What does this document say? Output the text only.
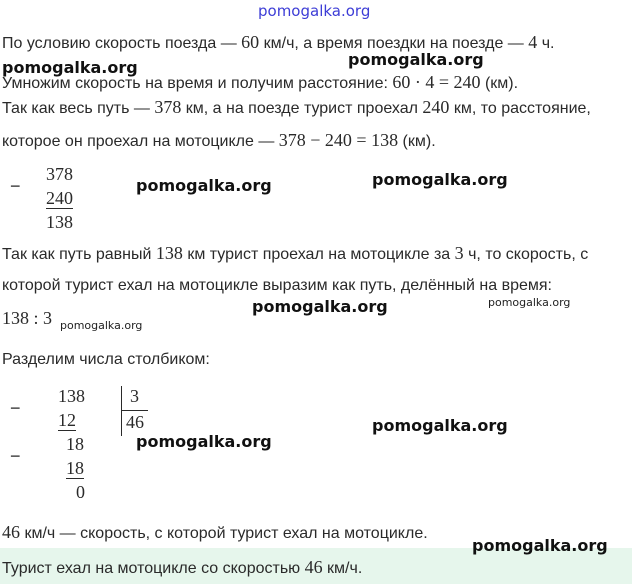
pomogalka.org
pomogalka.org
pomogalka.org
pomogalka.org	pomogalka.org
pomogalka.org	pomogalka.org
pomogalka.org
pomogalka.org
pomogalka.org
По условию скорость поезда — 60 км/ч, а время поездки на поезде — 4 ч.
Умножим скорость на время и получим расстояние: 60 · 4 = 240 (км).
Так как весь путь — 378 км, а на поезде турист проехал 240 км, то расстояние,
которое он проехал на мотоцикле — 378 − 240 = 138 (км).
−
378
240
138
Так как путь равный 138 км турист проехал на мотоцикле за 3 ч, то скорость, с
которой турист ехал на мотоцикле выразим как путь, делённый на время:
138 : 3
Разделим числа столбиком:
−
−
138
12
18
18
0
3
46
46 км/ч — скорость, с которой турист ехал на мотоцикле.
Турист ехал на мотоцикле со скоростью 46 км/ч.
pomogalka.org
